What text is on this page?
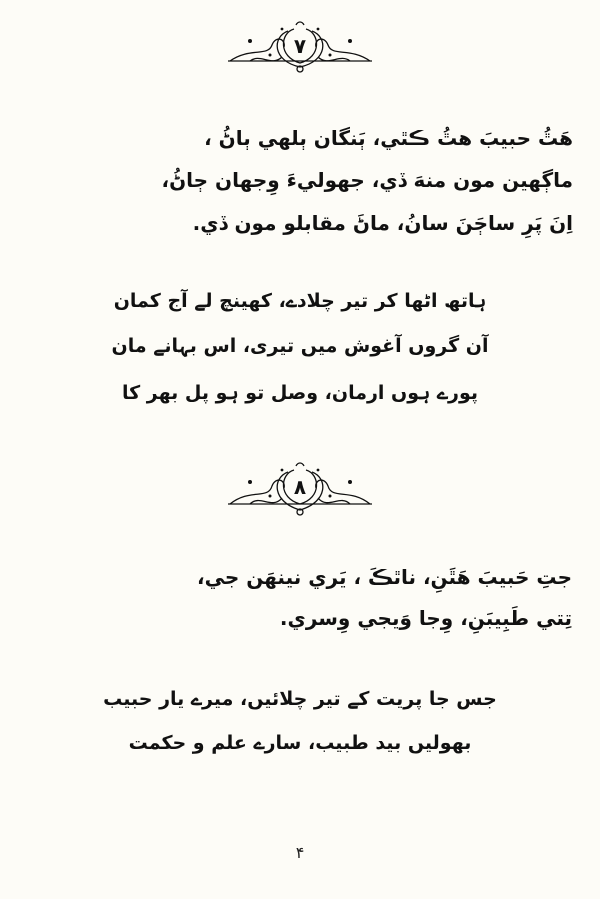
٧
هَٿُ حبيبَ هٿُ ڪٿي، ٻَنگان ٻلهي ٻاڻُ ،
ماڳهين مون منهَ ڏي، جهوليءَ وِجهان ڄاڻُ،
اِنَ پَرِ ساڄَنَ سانُ، ماڻَ مقابلو مون ڏي.
ہاتھ اٹھا کر تیر چلادے، کھینچ لے آج کمان
آن گروں آغوش میں تیری، اس بہانے مان
پورے ہوں ارمان، وصل تو ہو پل بھر کا
٨
جتِ حَبيبَ هَٿَنِ، ناٿڪَ ، يَري نينهَن جي،
تِتي طَبِيبَنِ، وِجا وَيجي وِسري.
جس جا پریت کے تیر چلائیں، میرے یار حبیب
بھولیں بید طبیب، سارے علم و حکمت
۴
